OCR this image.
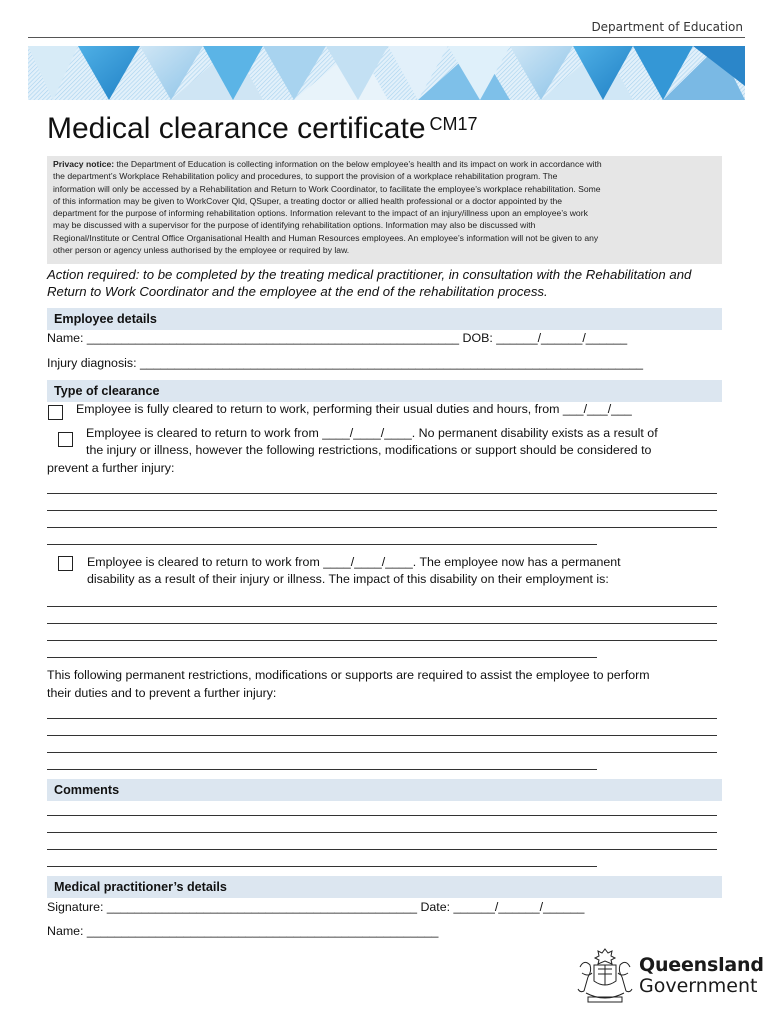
Department of Education
Medical clearance certificate $^{CM17}$
Privacy notice: the Department of Education is collecting information on the below employee’s health and its impact on work in accordance with
the department’s Workplace Rehabilitation policy and procedures, to support the provision of a workplace rehabilitation program. The
information will only be accessed by a Rehabilitation and Return to Work Coordinator, to facilitate the employee’s workplace rehabilitation. Some
of this information may be given to WorkCover Qld, QSuper, a treating doctor or allied health professional or a doctor appointed by the
department for the purpose of informing rehabilitation options. Information relevant to the impact of an injury/illness upon an employee’s work
may be discussed with a supervisor for the purpose of identifying rehabilitation options. Information may also be discussed with
Regional/Institute or Central Office Organisational Health and Human Resources employees. An employee’s information will not be given to any
other person or agency unless authorised by the employee or required by law.
Action required: to be completed by the treating medical practitioner, in consultation with the Rehabilitation and
Return to Work Coordinator and the employee at the end of the rehabilitation process.
Employee details
Name: ______________________________________________________ DOB: ______/______/______
Injury diagnosis: _________________________________________________________________________
Type of clearance
Employee is fully cleared to return to work, performing their usual duties and hours, from ___/___/___
Employee is cleared to return to work from ____/____/____. No permanent disability exists as a result of
the injury or illness, however the following restrictions, modifications or support should be considered to
prevent a further injury:
Employee is cleared to return to work from ____/____/____. The employee now has a permanent
disability as a result of their injury or illness. The impact of this disability on their employment is:
This following permanent restrictions, modifications or supports are required to assist the employee to perform
their duties and to prevent a further injury:
Comments
Medical practitioner’s details
Signature: _____________________________________________ Date: ______/______/______
Name: ___________________________________________________
Queensland
Government
